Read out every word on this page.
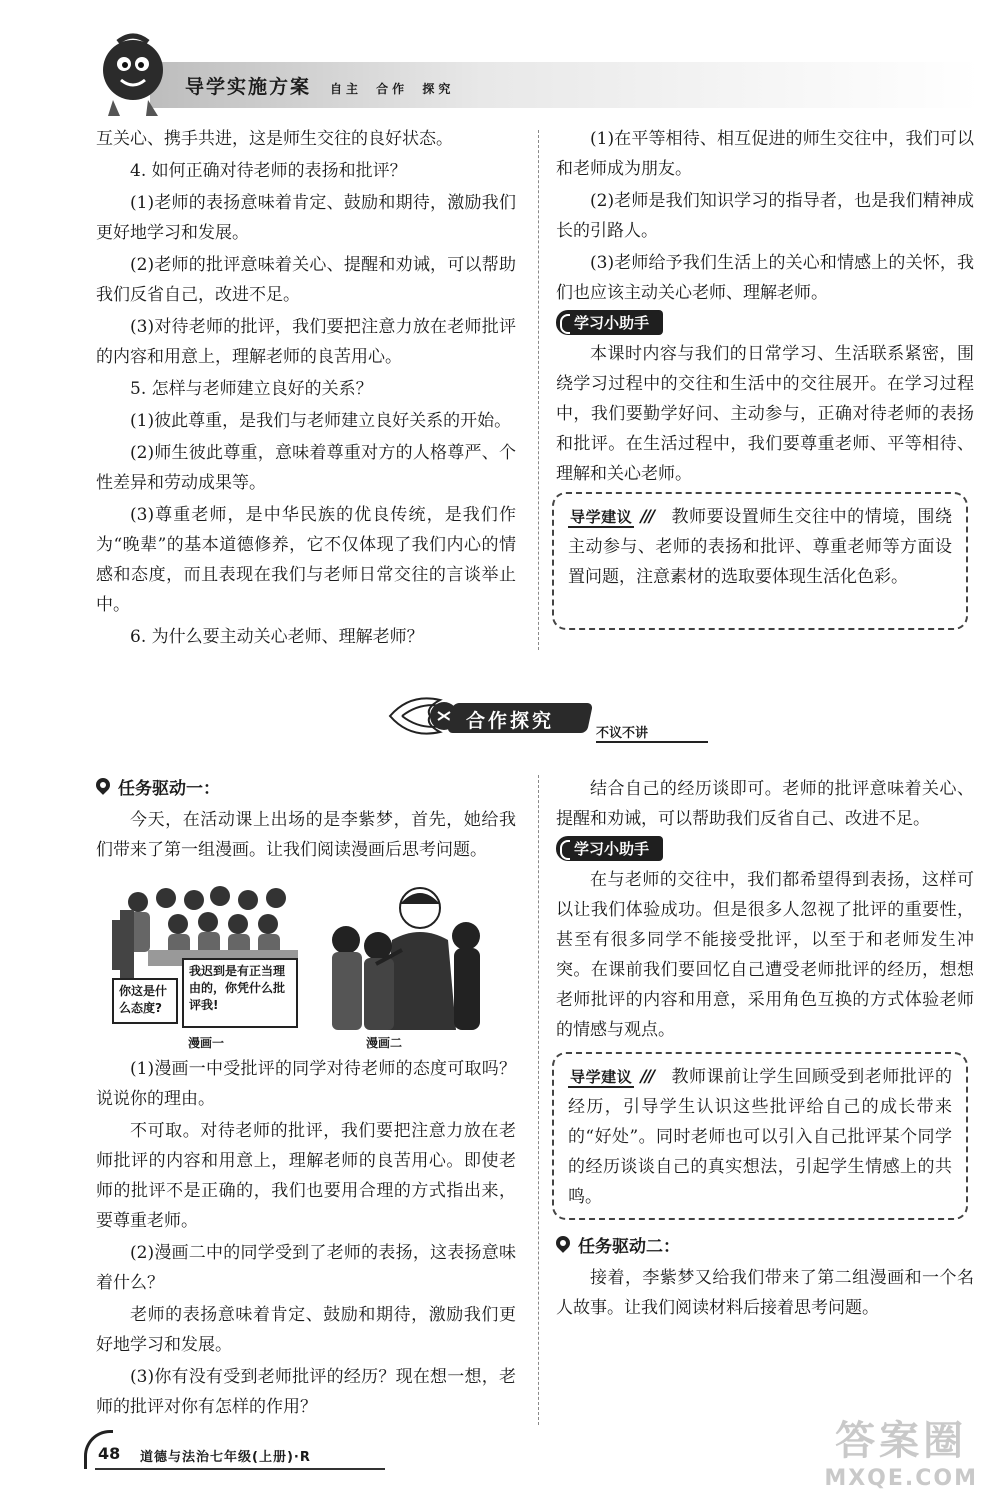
导学实施方案 自主 合作 探究

互关心、携手共进，这是师生交往的良好状态。

4. 如何正确对待老师的表扬和批评？

(1)老师的表扬意味着肯定、鼓励和期待，激励我们更好地学习和发展。

(2)老师的批评意味着关心、提醒和劝诫，可以帮助我们反省自己，改进不足。

(3)对待老师的批评，我们要把注意力放在老师批评的内容和用意上，理解老师的良苦用心。

5. 怎样与老师建立良好的关系？

(1)彼此尊重，是我们与老师建立良好关系的开始。

(2)师生彼此尊重，意味着尊重对方的人格尊严、个性差异和劳动成果等。

(3)尊重老师，是中华民族的优良传统，是我们作为“晚辈”的基本道德修养，它不仅体现了我们内心的情感和态度，而且表现在我们与老师日常交往的言谈举止中。

6. 为什么要主动关心老师、理解老师？

(1)在平等相待、相互促进的师生交往中，我们可以和老师成为朋友。

(2)老师是我们知识学习的指导者，也是我们精神成长的引路人。

(3)老师给予我们生活上的关心和情感上的关怀，我们也应该主动关心老师、理解老师。

学习小助手

本课时内容与我们的日常学习、生活联系紧密，围绕学习过程中的交往和生活中的交往展开。在学习过程中，我们要勤学好问、主动参与，正确对待老师的表扬和批评。在生活过程中，我们要尊重老师、平等相待、理解和关心老师。

导学建议 /// 教师要设置师生交往中的情境，围绕主动参与、老师的表扬和批评、尊重老师等方面设置问题，注意素材的选取要体现生活化色彩。

合作探究
不议不讲
任务驱动一：

今天，在活动课上出场的是李紫梦，首先，她给我们带来了第一组漫画。让我们阅读漫画后思考问题。

你这是什么态度?
我迟到是有正当理由的，你凭什么批评我!
漫画一	漫画二

(1)漫画一中受批评的同学对待老师的态度可取吗？说说你的理由。

不可取。对待老师的批评，我们要把注意力放在老师批评的内容和用意上，理解老师的良苦用心。即使老师的批评不是正确的，我们也要用合理的方式指出来，要尊重老师。

(2)漫画二中的同学受到了老师的表扬，这表扬意味着什么？

老师的表扬意味着肯定、鼓励和期待，激励我们更好地学习和发展。

(3)你有没有受到老师批评的经历？现在想一想，老师的批评对你有怎样的作用？

结合自己的经历谈即可。老师的批评意味着关心、提醒和劝诫，可以帮助我们反省自己、改进不足。

学习小助手

在与老师的交往中，我们都希望得到表扬，这样可以让我们体验成功。但是很多人忽视了批评的重要性，甚至有很多同学不能接受批评，以至于和老师发生冲突。在课前我们要回忆自己遭受老师批评的经历，想想老师批评的内容和用意，采用角色互换的方式体验老师的情感与观点。

导学建议 /// 教师课前让学生回顾受到老师批评的经历，引导学生认识这些批评给自己的成长带来的“好处”。同时老师也可以引入自己批评某个同学的经历谈谈自己的真实想法，引起学生情感上的共鸣。

任务驱动二：

接着，李紫梦又给我们带来了第二组漫画和一个名人故事。让我们阅读材料后接着思考问题。

48 道德与法治七年级(上册)·R	答案圈
MXQE.COM
